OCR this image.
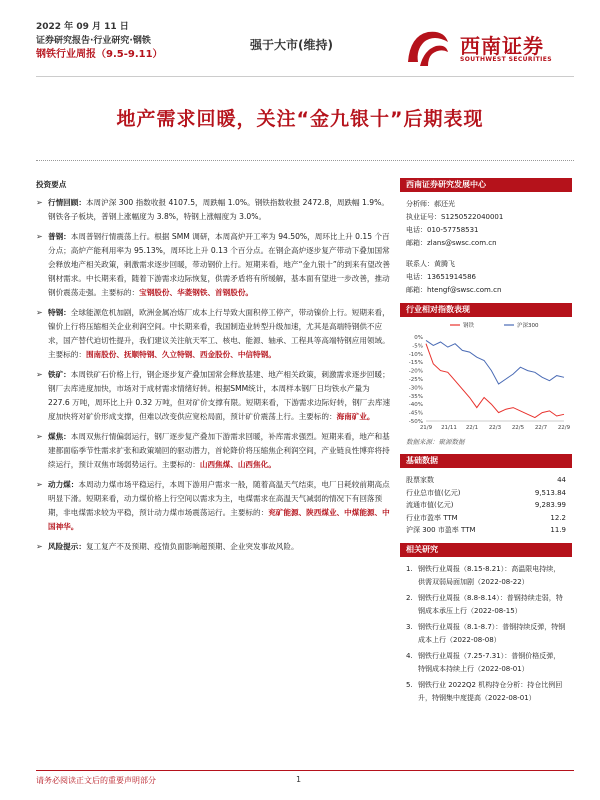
2022 年 09 月 11 日
证券研究报告·行业研究·钢铁
钢铁行业周报（9.5-9.11）
强于大市(维持)	西南证券
SOUTHWEST SECURITIES
地产需求回暖，关注“金九银十”后期表现
投资要点
➢ 行情回顾：本周沪深 300 指数收报 4107.5，周跌幅 1.0%。钢铁指数收报 2472.8，周跌幅 1.9%。钢铁各子板块，普钢上涨幅度为 3.8%，特钢上涨幅度为 3.0%。
➢ 普钢：本周普钢行情震荡上行。根据 SMM 调研，本周高炉开工率为 94.50%，周环比上升 0.15 个百分点；高炉产能利用率为 95.13%，周环比上升 0.13 个百分点。在钢企高炉逐步复产带动下叠加国常会释放地产相关政策，刺激需求逐步回暖，带动钢价上行。短期来看，地产“金九银十”的到来有望改善钢材需求。中长期来看，随着下游需求边际恢复，供需矛盾将有所缓解，基本面有望进一步改善，推动钢价震荡走强。主要标的：宝钢股份、华菱钢铁、首钢股份。
➢ 特钢：全球能源危机加剧，欧洲金属冶炼厂成本上行导致大面积停工停产，带动镍价上行。短期来看，镍价上行将压缩相关企业利润空间。中长期来看，我国制造业转型升级加速，尤其是高端特钢供不应求，国产替代迫切性提升，我们建议关注航天军工、核电、能源、轴承、工程具等高端特钢应用领域。主要标的：围南股份、抚顺特钢、久立特钢、西金股份、中信特钢。
➢ 铁矿：本周铁矿石价格上行，钢企逐步复产叠加国常会释放基建、地产相关政策，刺激需求逐步回暖；钢厂去库进度加快，市场对于成材需求情绪好转。根据SMM统计，本周样本钢厂日均铁水产量为 227.6 万吨，周环比上升 0.32 万吨，但对矿价支撑有限。短期来看，下游需求边际好转，钢厂去库速度加快将对矿价形成支撑，但难以改变供应宽松局面，预计矿价震荡上行。主要标的：海南矿业。
➢ 煤焦：本周双焦行情偏弱运行，钢厂逐步复产叠加下游需求回暖，补库需求强烈。短期来看，地产和基建都面临季节性需求扩张和政策端回的驱动潜力，首轮降价将压缩焦企利润空间，产业链良性博弈将持续运行，预计双焦市场弱势运行。主要标的：山西焦煤、山西焦化。
➢ 动力煤：本周动力煤市场平稳运行，本周下游用户需求一般，随着高温天气结束，电厂日耗较前期高点明显下滑。短期来看，动力煤价格上行空间以需求为主，电煤需求在高温天气减弱的情况下有回落预期，非电煤需求较为平稳，预计动力煤市场震荡运行。主要标的：兖矿能源、陕西煤业、中煤能源、中国神华。
➢ 风险提示：复工复产不及预期、疫情负面影响超预期、企业突发事故风险。
西南证券研究发展中心
分析师：郝还光
执业证号：S1250522040001
电话：010-57758531
邮箱：zlans@swsc.com.cn
联系人：黄腾飞
电话：13651914586
邮箱：htengf@swsc.com.cn
行业相对指数表现
0%
-5%
-10%
-15%
-20%
-25%
-30%
-35%
-40%
-45%
-50%
21/9 21/11 22/1 22/3 22/5 22/7 22/9
钢铁	沪深300
数据来源：聚源数据
基础数据
股票家数	44
行业总市值(亿元)	9,513.84
流通市值(亿元)	9,283.99
行业市盈率 TTM	12.2
沪深 300 市盈率 TTM	11.9
相关研究
1. 钢铁行业周报（8.15-8.21）：高温限电持续，供需双弱局面加剧（2022-08-22）
2. 钢铁行业周报（8.8-8.14）：普钢持续走弱，特钢成本承压上行（2022-08-15）
3. 钢铁行业周报（8.1-8.7）：普钢持续反弹，特钢成本上行（2022-08-08）
4. 钢铁行业周报（7.25-7.31）：普钢价格反弹，特钢成本持续上行（2022-08-01）
5. 钢铁行业 2022Q2 机构持仓分析：持仓比例回升，特钢集中度提高（2022-08-01）
请务必阅读正文后的重要声明部分	1
